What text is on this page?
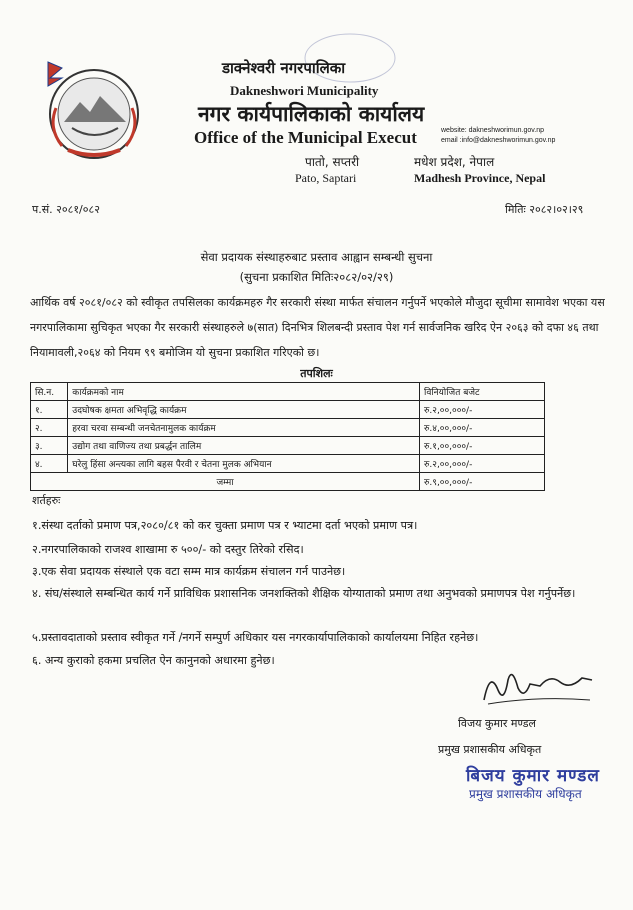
डाक्नेश्वरी नगरपालिका
Dakneshwori Municipality
नगर कार्यपालिकाको कार्यालय
Office of the Municipal Execut	website: dakneshworimun.gov.np
email :info@dakneshworimun.gov.np
पातो, सप्तरी
Pato, Saptari
मधेश प्रदेश, नेपाल
Madhesh Province, Nepal
प.सं. २०८१/०८२	मितिः २०८२।०२।२९
सेवा प्रदायक संस्थाहरुबाट प्रस्ताव आह्वान सम्बन्धी सुचना
(सुचना प्रकाशित मितिः२०८२/०२/२९)
आर्थिक वर्ष २०८१/०८२ को स्वीकृत तपसिलका कार्यक्रमहरु गैर सरकारी संस्था मार्फत संचालन गर्नुपर्ने भएकोले मौजुदा सूचीमा सामावेश भएका यस नगरपालिकामा सुचिकृत भएका गैर सरकारी संस्थाहरुले ७(सात) दिनभित्र शिलबन्दी प्रस्ताव पेश गर्न सार्वजनिक खरिद ऐन २०६३ को दफा ४६ तथा नियामावली,२०६४ को नियम ९९ बमोजिम यो सुचना प्रकाशित गरिएको छ।
तपशिलः
सि.न.	कार्यक्रमको नाम	विनियोजित बजेट
१.	उदघोषक क्षमता अभिवृद्धि कार्यक्रम	रु.२,००,०००/-
२.	हरवा चरवा सम्बन्धी जनचेतनामुलक कार्यक्रम	रु.४,००,०००/-
३.	उद्योग तथा वाणिज्य तथा प्रबर्द्धन तालिम	रु.१,००,०००/-
४.	घरेलु हिंसा अन्त्यका लागि बहस पैरवी र चेतना मुलक अभियान	रु.२,००,०००/-
जम्मा		रु.९,००,०००/-
शर्तहरुः
१.संस्था दर्ताको प्रमाण पत्र,२०८०/८१ को कर चुक्ता प्रमाण पत्र र भ्याटमा दर्ता भएको प्रमाण पत्र।
२.नगरपालिकाको राजश्व शाखामा रु ५००/- को दस्तुर तिरेको रसिद।
३.एक सेवा प्रदायक संस्थाले एक वटा सम्म मात्र कार्यक्रम संचालन गर्न पाउनेछ।
४. संघ/संस्थाले सम्बन्धित कार्य गर्ने प्राविधिक प्रशासनिक जनशक्तिको शैक्षिक योग्याताको प्रमाण तथा अनुभवको प्रमाणपत्र पेश गर्नुपर्नेछ।
५.प्रस्तावदाताको प्रस्ताव स्वीकृत गर्ने /नगर्ने सम्पुर्ण अधिकार यस नगरकार्यापालिकाको कार्यालयमा निहित रहनेछ।
६. अन्य कुराको हकमा प्रचलित ऐन कानुनको अधारमा हुनेछ।
विजय कुमार मण्डल
प्रमुख प्रशासकीय अधिकृत
बिजय कुमार मण्डल
प्रमुख प्रशासकीय अधिकृत
